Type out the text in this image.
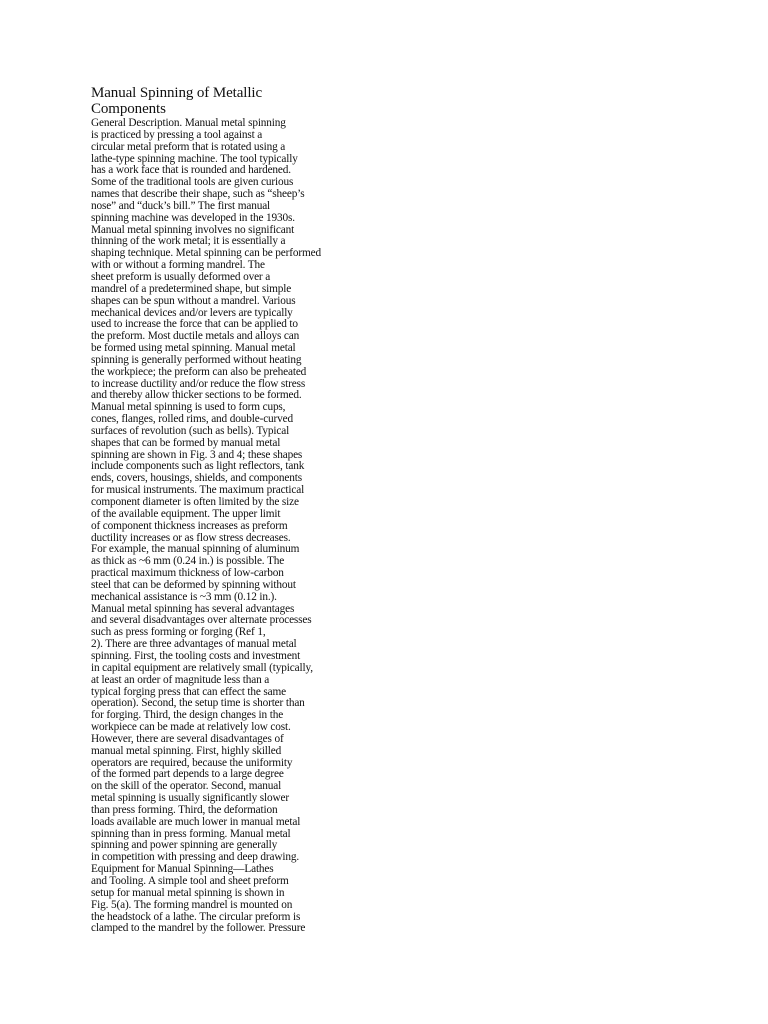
Manual Spinning of Metallic
Components
General Description. Manual metal spinning
is practiced by pressing a tool against a
circular metal preform that is rotated using a
lathe-type spinning machine. The tool typically
has a work face that is rounded and hardened.
Some of the traditional tools are given curious
names that describe their shape, such as “sheep’s
nose” and “duck’s bill.” The first manual
spinning machine was developed in the 1930s.
Manual metal spinning involves no significant
thinning of the work metal; it is essentially a
shaping technique. Metal spinning can be performed
with or without a forming mandrel. The
sheet preform is usually deformed over a
mandrel of a predetermined shape, but simple
shapes can be spun without a mandrel. Various
mechanical devices and/or levers are typically
used to increase the force that can be applied to
the preform. Most ductile metals and alloys can
be formed using metal spinning. Manual metal
spinning is generally performed without heating
the workpiece; the preform can also be preheated
to increase ductility and/or reduce the flow stress
and thereby allow thicker sections to be formed.
Manual metal spinning is used to form cups,
cones, flanges, rolled rims, and double-curved
surfaces of revolution (such as bells). Typical
shapes that can be formed by manual metal
spinning are shown in Fig. 3 and 4; these shapes
include components such as light reflectors, tank
ends, covers, housings, shields, and components
for musical instruments. The maximum practical
component diameter is often limited by the size
of the available equipment. The upper limit
of component thickness increases as preform
ductility increases or as flow stress decreases.
For example, the manual spinning of aluminum
as thick as ~6 mm (0.24 in.) is possible. The
practical maximum thickness of low-carbon
steel that can be deformed by spinning without
mechanical assistance is ~3 mm (0.12 in.).
Manual metal spinning has several advantages
and several disadvantages over alternate processes
such as press forming or forging (Ref 1,
2). There are three advantages of manual metal
spinning. First, the tooling costs and investment
in capital equipment are relatively small (typically,
at least an order of magnitude less than a
typical forging press that can effect the same
operation). Second, the setup time is shorter than
for forging. Third, the design changes in the
workpiece can be made at relatively low cost.
However, there are several disadvantages of
manual metal spinning. First, highly skilled
operators are required, because the uniformity
of the formed part depends to a large degree
on the skill of the operator. Second, manual
metal spinning is usually significantly slower
than press forming. Third, the deformation
loads available are much lower in manual metal
spinning than in press forming. Manual metal
spinning and power spinning are generally
in competition with pressing and deep drawing.
Equipment for Manual Spinning—Lathes
and Tooling. A simple tool and sheet preform
setup for manual metal spinning is shown in
Fig. 5(a). The forming mandrel is mounted on
the headstock of a lathe. The circular preform is
clamped to the mandrel by the follower. Pressure
